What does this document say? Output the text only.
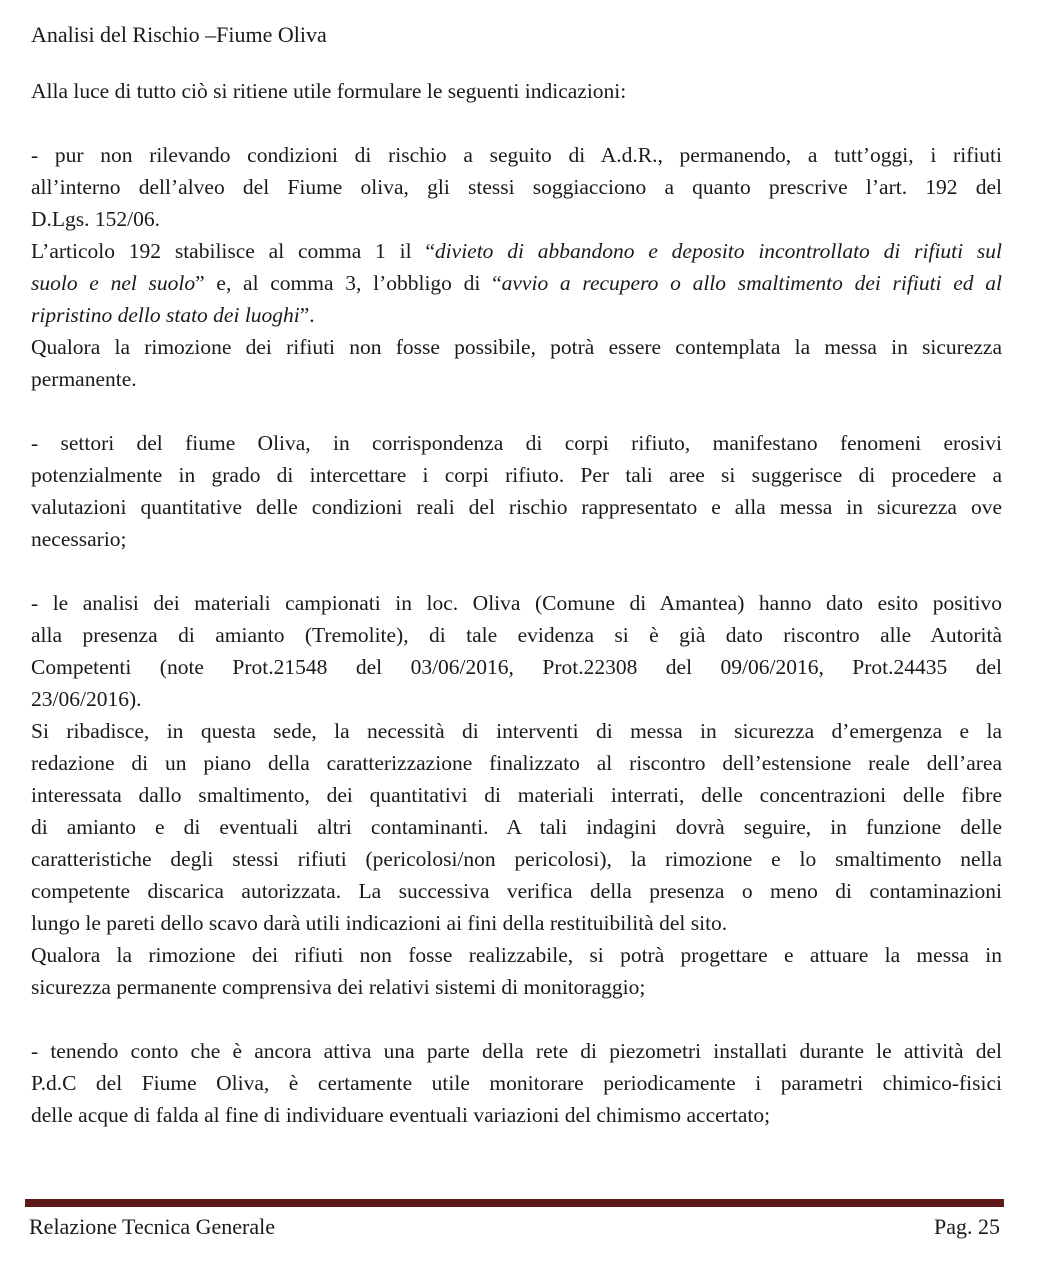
Analisi del Rischio –Fiume Oliva
Alla luce di tutto ciò si ritiene utile formulare le seguenti indicazioni:
- pur non rilevando condizioni di rischio a seguito di A.d.R., permanendo, a tutt’oggi, i rifiuti
all’interno dell’alveo del Fiume oliva, gli stessi soggiacciono a quanto prescrive l’art. 192 del
D.Lgs. 152/06.
L’articolo 192 stabilisce al comma 1 il “divieto di abbandono e deposito incontrollato di rifiuti sul
suolo e nel suolo” e, al comma 3, l’obbligo di “avvio a recupero o allo smaltimento dei rifiuti ed al
ripristino dello stato dei luoghi”.
Qualora la rimozione dei rifiuti non fosse possibile, potrà essere contemplata la messa in sicurezza
permanente.
- settori del fiume Oliva, in corrispondenza di corpi rifiuto, manifestano fenomeni erosivi
potenzialmente in grado di intercettare i corpi rifiuto. Per tali aree si suggerisce di procedere a
valutazioni quantitative delle condizioni reali del rischio rappresentato e alla messa in sicurezza ove
necessario;
- le analisi dei materiali campionati in loc. Oliva (Comune di Amantea) hanno dato esito positivo
alla presenza di amianto (Tremolite), di tale evidenza si è già dato riscontro alle Autorità
Competenti (note Prot.21548 del 03/06/2016, Prot.22308 del 09/06/2016, Prot.24435 del
23/06/2016).
Si ribadisce, in questa sede, la necessità di interventi di messa in sicurezza d’emergenza e la
redazione di un piano della caratterizzazione finalizzato al riscontro dell’estensione reale dell’area
interessata dallo smaltimento, dei quantitativi di materiali interrati, delle concentrazioni delle fibre
di amianto e di eventuali altri contaminanti. A tali indagini dovrà seguire, in funzione delle
caratteristiche degli stessi rifiuti (pericolosi/non pericolosi), la rimozione e lo smaltimento nella
competente discarica autorizzata. La successiva verifica della presenza o meno di contaminazioni
lungo le pareti dello scavo darà utili indicazioni ai fini della restituibilità del sito.
Qualora la rimozione dei rifiuti non fosse realizzabile, si potrà progettare e attuare la messa in
sicurezza permanente comprensiva dei relativi sistemi di monitoraggio;
- tenendo conto che è ancora attiva una parte della rete di piezometri installati durante le attività del
P.d.C del Fiume Oliva, è certamente utile monitorare periodicamente i parametri chimico-fisici
delle acque di falda al fine di individuare eventuali variazioni del chimismo accertato;
Relazione Tecnica Generale	Pag. 25
